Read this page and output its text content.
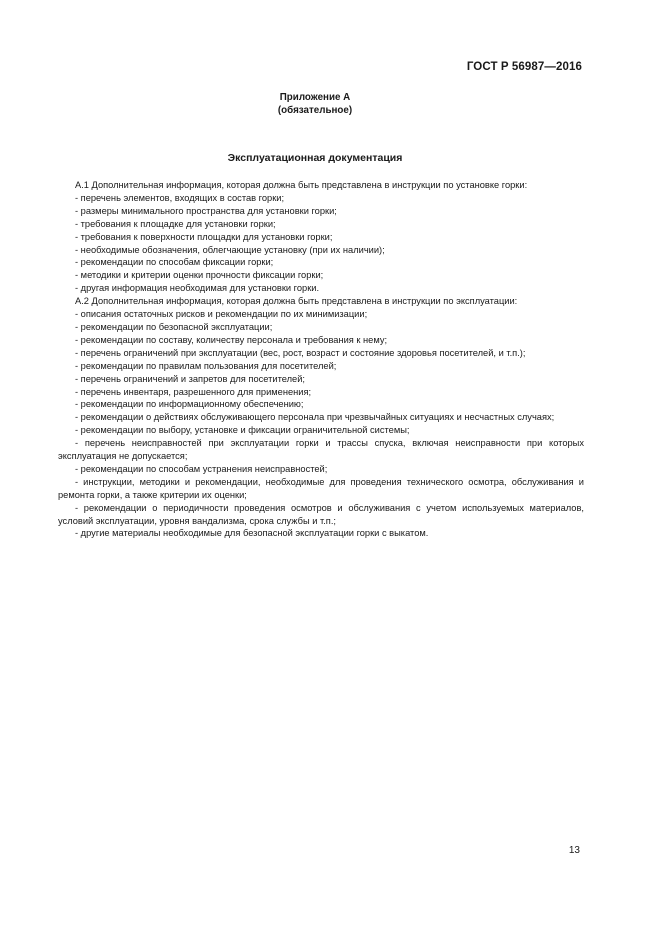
ГОСТ Р 56987—2016
Приложение А
(обязательное)
Эксплуатационная документация

А.1 Дополнительная информация, которая должна быть представлена в инструкции по установке горки:

- перечень элементов, входящих в состав горки;

- размеры минимального пространства для установки горки;

- требования к площадке для установки горки;

- требования к поверхности площадки для установки горки;

- необходимые обозначения, облегчающие установку (при их наличии);

- рекомендации по способам фиксации горки;

- методики и критерии оценки прочности фиксации горки;

- другая информация необходимая для установки горки.

А.2 Дополнительная информация, которая должна быть представлена в инструкции по эксплуатации:

- описания остаточных рисков и рекомендации по их минимизации;

- рекомендации по безопасной эксплуатации;

- рекомендации по составу, количеству персонала и требования к нему;

- перечень ограничений при эксплуатации (вес, рост, возраст и состояние здоровья посетителей, и т.п.);

- рекомендации по правилам пользования для посетителей;

- перечень ограничений и запретов для посетителей;

- перечень инвентаря, разрешенного для применения;

- рекомендации по информационному обеспечению;

- рекомендации о действиях обслуживающего персонала при чрезвычайных ситуациях и несчастных случаях;

- рекомендации по выбору, установке и фиксации ограничительной системы;

- перечень неисправностей при эксплуатации горки и трассы спуска, включая неисправности при которых эксплуатация не допускается;

- рекомендации по способам устранения неисправностей;

- инструкции, методики и рекомендации, необходимые для проведения технического осмотра, обслуживания и ремонта горки, а также критерии их оценки;

- рекомендации о периодичности проведения осмотров и обслуживания с учетом используемых материалов, условий эксплуатации, уровня вандализма, срока службы и т.п.;

- другие материалы необходимые для безопасной эксплуатации горки с выкатом.

13
